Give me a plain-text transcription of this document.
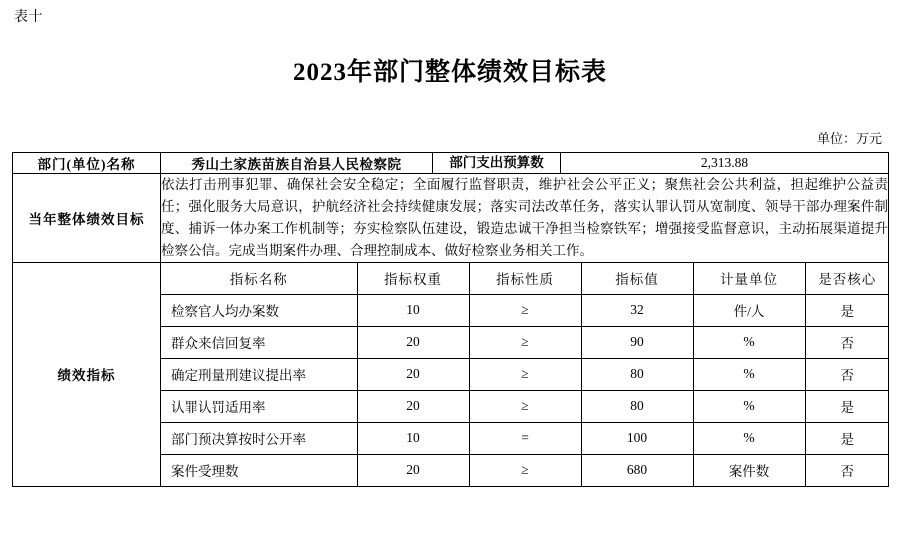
表十
2023年部门整体绩效目标表
单位：万元
部门(单位)名称	秀山土家族苗族自治县人民检察院	部门支出预算数	2,313.88
当年整体绩效目标	依法打击刑事犯罪、确保社会安全稳定；全面履行监督职责，维护社会公平正义；聚焦社会公共利益，担起维护公益责任；强化服务大局意识，护航经济社会持续健康发展；落实司法改革任务，落实认罪认罚从宽制度、领导干部办理案件制度、捕诉一体办案工作机制等；夯实检察队伍建设，锻造忠诚干净担当检察铁军；增强接受监督意识，主动拓展渠道提升检察公信。完成当期案件办理、合理控制成本、做好检察业务相关工作。
绩效指标	
指标名称	指标权重	指标性质	指标值	计量单位	是否核心
检察官人均办案数	10	≥	32	件/人	是
群众来信回复率	20	≥	90	%	否
确定刑量刑建议提出率	20	≥	80	%	否
认罪认罚适用率	20	≥	80	%	是
部门预决算按时公开率	10	=	100	%	是
案件受理数	20	≥	680	案件数	否
